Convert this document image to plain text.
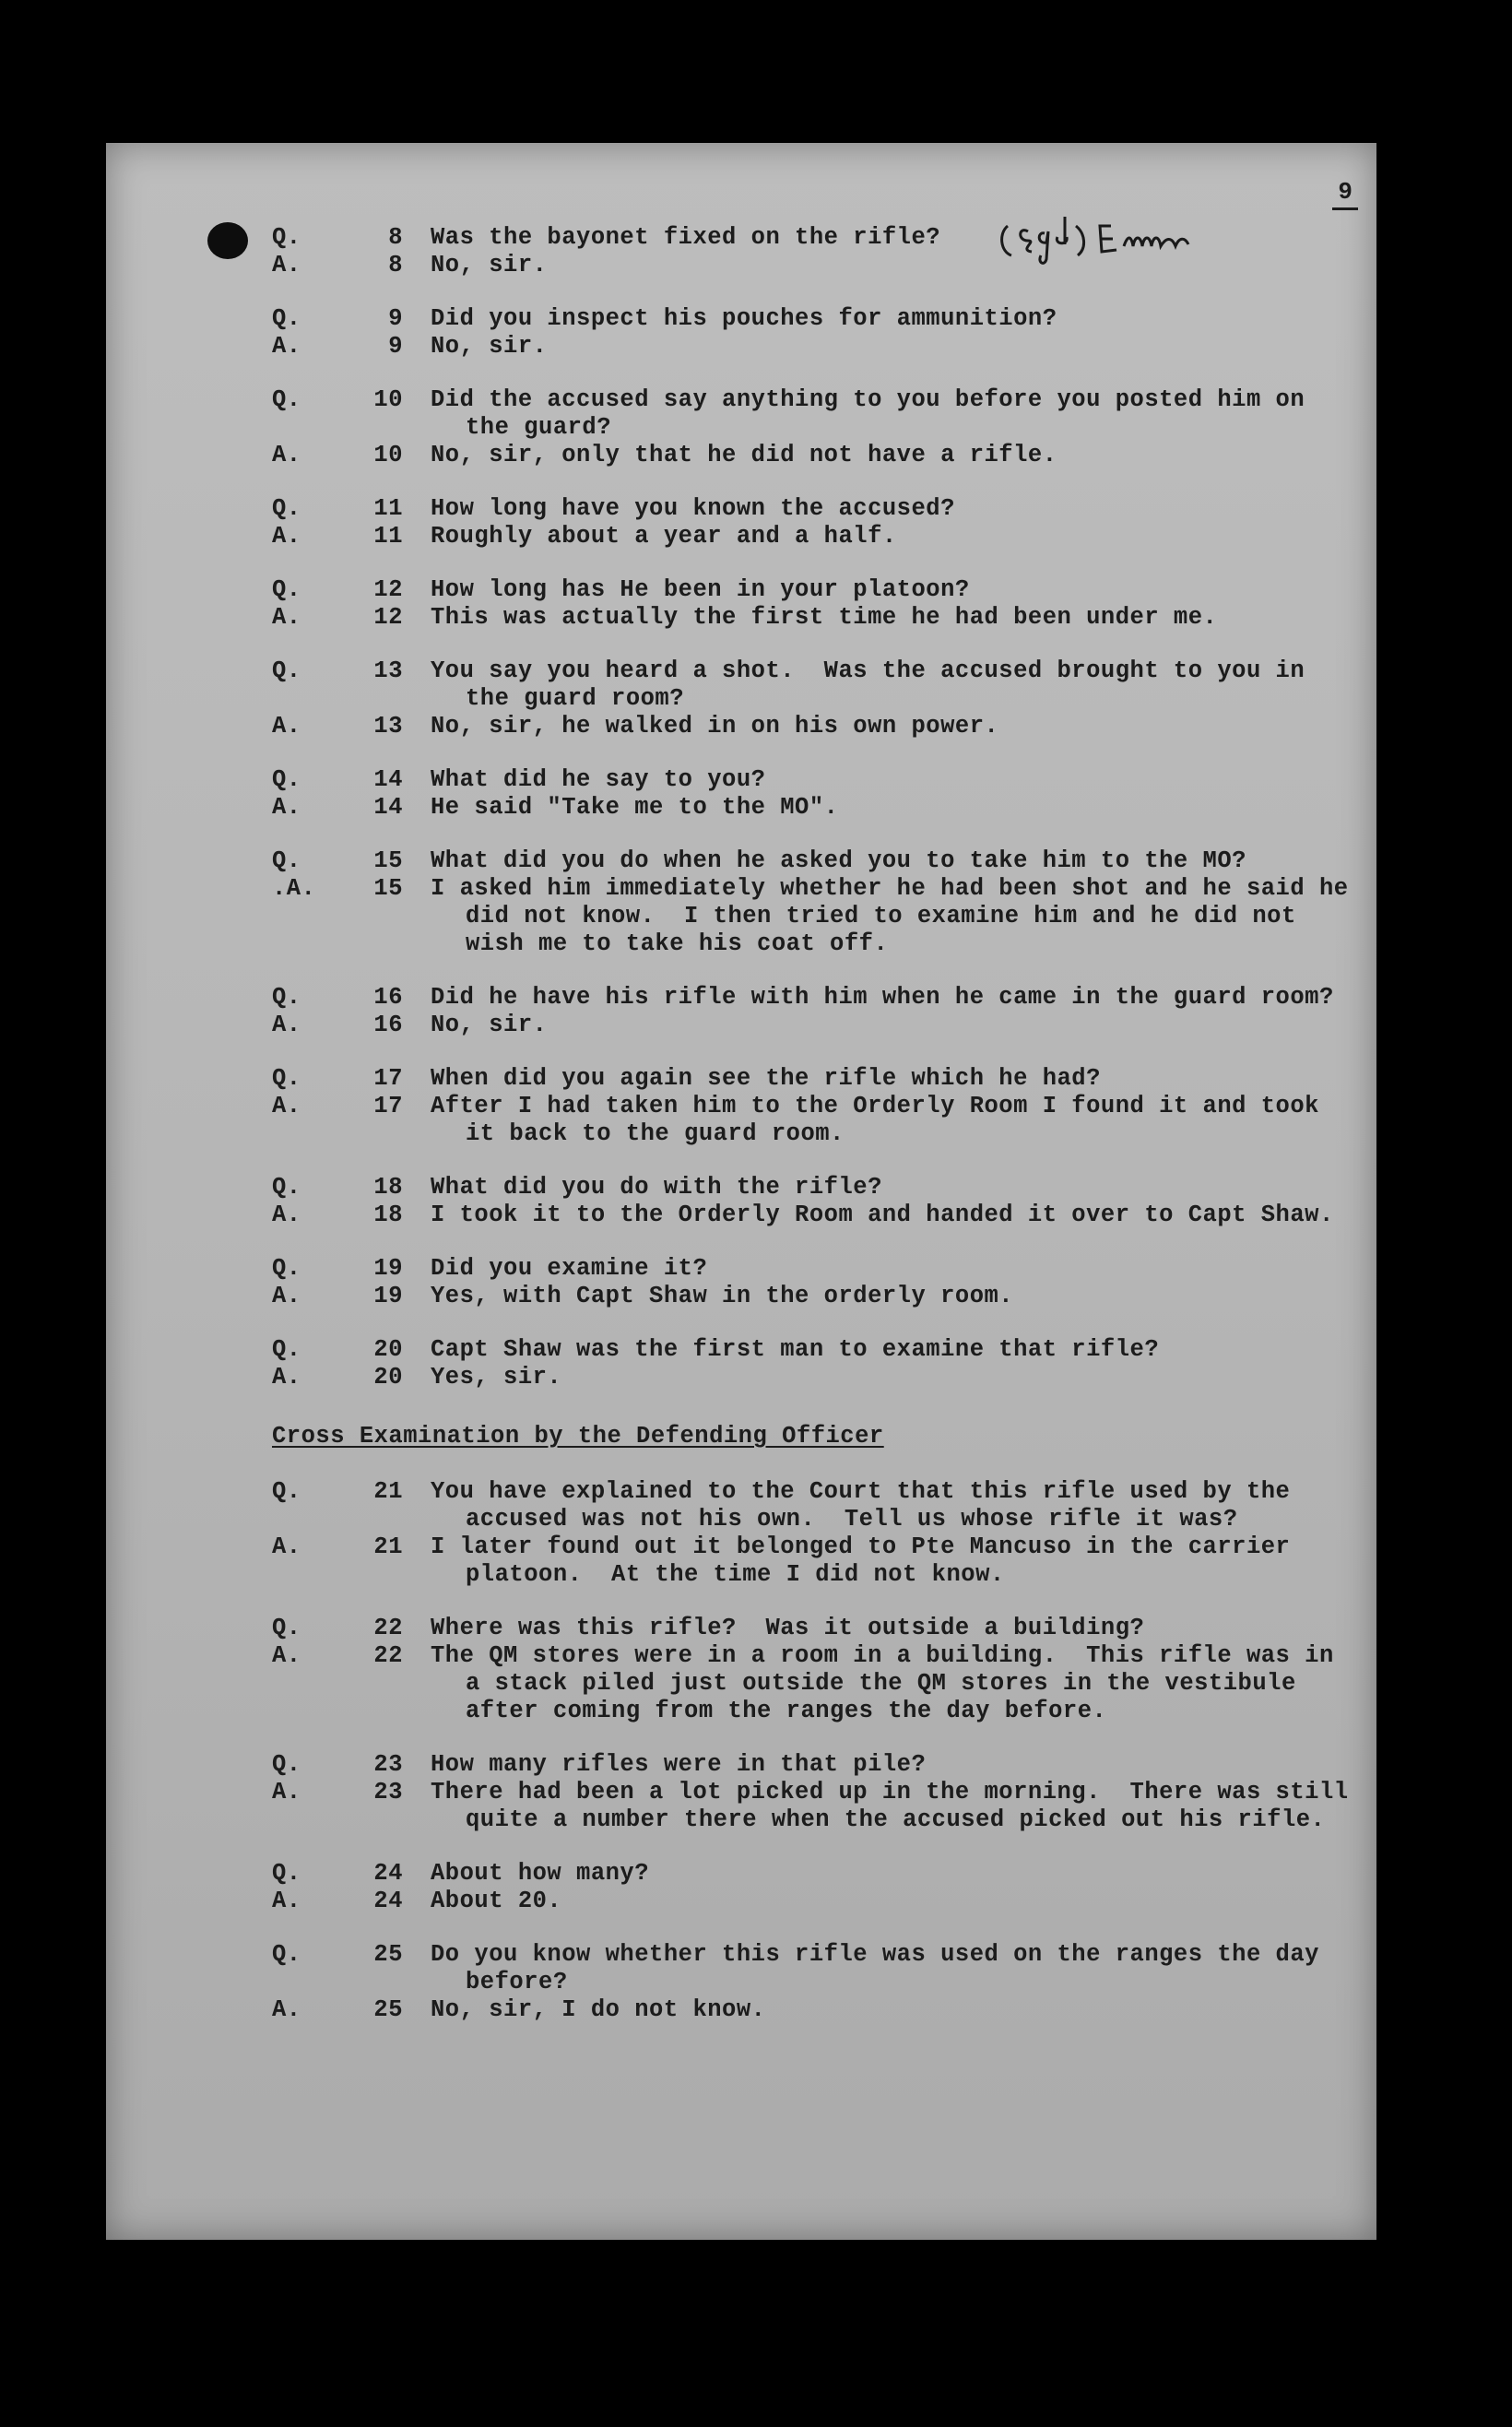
9
Q.	8	Was the bayonet fixed on the rifle?
A.	8	No, sir.
Q.	9	Did you inspect his pouches for ammunition?
A.	9	No, sir.
Q.	10	Did the accused say anything to you before you posted him on the guard?
A.	10	No, sir, only that he did not have a rifle.
Q.	11	How long have you known the accused?
A.	11	Roughly about a year and a half.
Q.	12	How long has He been in your platoon?
A.	12	This was actually the first time he had been under me.
Q.	13	You say you heard a shot.  Was the accused brought to you in the guard room?
A.	13	No, sir, he walked in on his own power.
Q.	14	What did he say to you?
A.	14	He said "Take me to the MO".
Q.	15	What did you do when he asked you to take him to the MO?
.A.	15	I asked him immediately whether he had been shot and he said he did not know.  I then tried to examine him and he did not wish me to take his coat off.
Q.	16	Did he have his rifle with him when he came in the guard room?
A.	16	No, sir.
Q.	17	When did you again see the rifle which he had?
A.	17	After I had taken him to the Orderly Room I found it and took it back to the guard room.
Q.	18	What did you do with the rifle?
A.	18	I took it to the Orderly Room and handed it over to Capt Shaw.
Q.	19	Did you examine it?
A.	19	Yes, with Capt Shaw in the orderly room.
Q.	20	Capt Shaw was the first man to examine that rifle?
A.	20	Yes, sir.
Cross Examination by the Defending Officer
Q.	21	You have explained to the Court that this rifle used by the accused was not his own.  Tell us whose rifle it was?
A.	21	I later found out it belonged to Pte Mancuso in the carrier platoon.  At the time I did not know.
Q.	22	Where was this rifle?  Was it outside a building?
A.	22	The QM stores were in a room in a building.  This rifle was in a stack piled just outside the QM stores in the vestibule after coming from the ranges the day before.
Q.	23	How many rifles were in that pile?
A.	23	There had been a lot picked up in the morning.  There was still quite a number there when the accused picked out his rifle.
Q.	24	About how many?
A.	24	About 20.
Q.	25	Do you know whether this rifle was used on the ranges the day before?
A.	25	No, sir, I do not know.
